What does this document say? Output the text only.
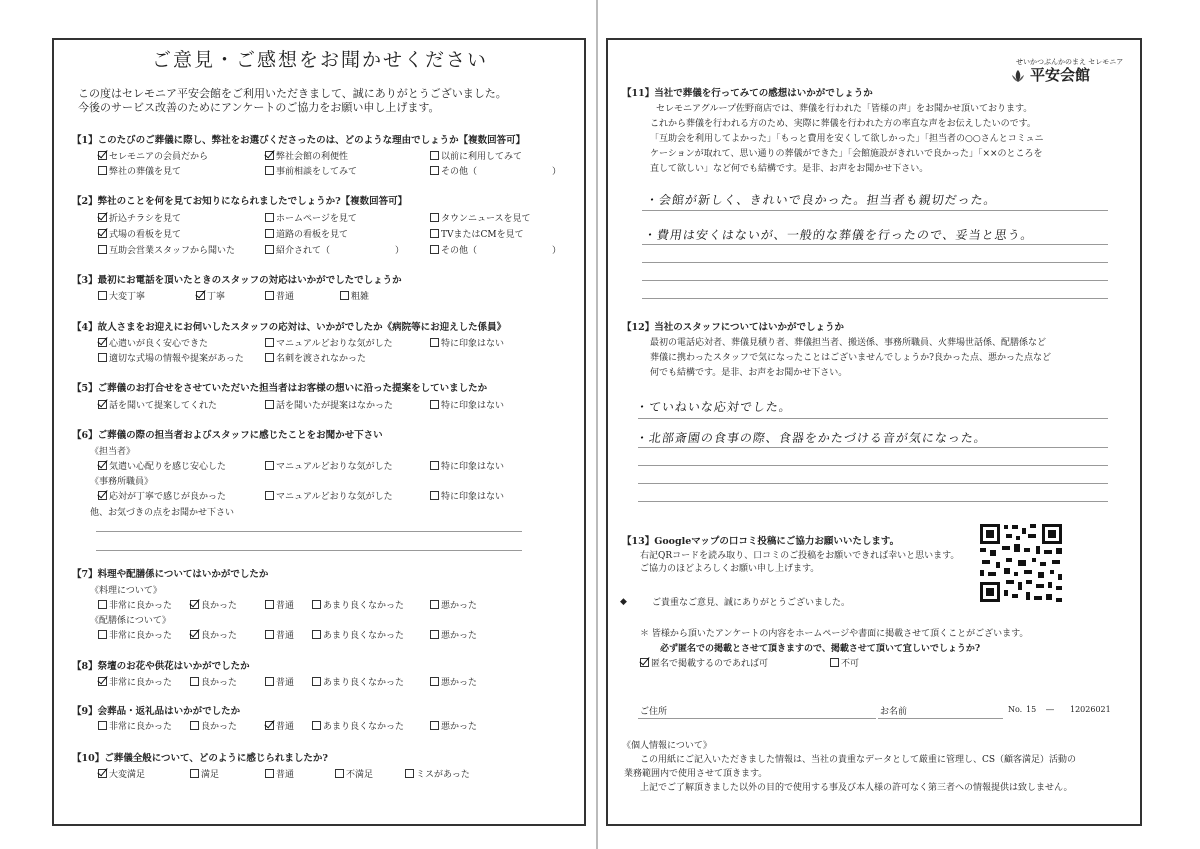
ご意見・ご感想をお聞かせください
この度はセレモニア平安会館をご利用いただきまして、誠にありがとうございました。
今後のサービス改善のためにアンケートのご協力をお願い申し上げます。
【1】このたびのご葬儀に際し、弊社をお選びくださったのは、どのような理由でしょうか【複数回答可】
セレモニアの会員だから	弊社会館の利便性	以前に利用してみて
弊社の葬儀を見て	事前相談をしてみて	その他（	）
【2】弊社のことを何を見てお知りになられましたでしょうか?【複数回答可】
折込チラシを見て	ホームページを見て	タウンニュースを見て
式場の看板を見て	道路の看板を見て	TVまたはCMを見て
互助会営業スタッフから聞いた	紹介されて（	）	その他（	）
【3】最初にお電話を頂いたときのスタッフの対応はいかがでしたでしょうか
大変丁寧	丁寧	普通	粗雑
【4】故人さまをお迎えにお伺いしたスタッフの応対は、いかがでしたか《病院等にお迎えした係員》
心遣いが良く安心できた	マニュアルどおりな気がした	特に印象はない
適切な式場の情報や提案があった	名刺を渡されなかった
【5】ご葬儀のお打合せをさせていただいた担当者はお客様の想いに沿った提案をしていましたか
話を聞いて提案してくれた	話を聞いたが提案はなかった	特に印象はない
【6】ご葬儀の際の担当者およびスタッフに感じたことをお聞かせ下さい
《担当者》
気遣い心配りを感じ安心した	マニュアルどおりな気がした	特に印象はない
《事務所職員》
応対が丁寧で感じが良かった	マニュアルどおりな気がした	特に印象はない
他、お気づきの点をお聞かせ下さい
【7】料理や配膳係についてはいかがでしたか
《料理について》
非常に良かった	良かった	普通	あまり良くなかった	悪かった
《配膳係について》
非常に良かった	良かった	普通	あまり良くなかった	悪かった
【8】祭壇のお花や供花はいかがでしたか
非常に良かった	良かった	普通	あまり良くなかった	悪かった
【9】会葬品・返礼品はいかがでしたか
非常に良かった	良かった	普通	あまり良くなかった	悪かった
【10】ご葬儀全般について、どのように感じられましたか?
大変満足	満足	普通	不満足	ミスがあった
せいかつぶんかのまえ セレモニア
平安会館
【11】当社で葬儀を行ってみての感想はいかがでしょうか
セレモニアグループ佐野商店では、葬儀を行われた「皆様の声」をお聞かせ頂いております。
これから葬儀を行われる方のため、実際に葬儀を行われた方の率直な声をお伝えしたいのです。
「互助会を利用してよかった」「もっと費用を安くして欲しかった」「担当者の○○さんとコミュニ
ケーションが取れて、思い通りの葬儀ができた」「会館施設がきれいで良かった」「××のところを
直して欲しい」など何でも結構です。是非、お声をお聞かせ下さい。
・会館が新しく、きれいで良かった。担当者も親切だった。
・費用は安くはないが、一般的な葬儀を行ったので、妥当と思う。
【12】当社のスタッフについてはいかがでしょうか
最初の電話応対者、葬儀見積り者、葬儀担当者、搬送係、事務所職員、火葬場世話係、配膳係など
葬儀に携わったスタッフで気になったことはございませんでしょうか?良かった点、悪かった点など
何でも結構です。是非、お声をお聞かせ下さい。
・ていねいな応対でした。
・北部斎園の食事の際、食器をかたづける音が気になった。
【13】Googleマップの口コミ投稿にご協力お願いいたします。
右記QRコードを読み取り、口コミのご投稿をお願いできれば幸いと思います。
ご協力のほどよろしくお願い申し上げます。
◆	ご貴重なご意見、誠にありがとうございました。
＊ 皆様から頂いたアンケートの内容をホームページや書面に掲載させて頂くことがございます。
必ず匿名での掲載とさせて頂きますので、掲載させて頂いて宜しいでしょうか?
匿名で掲載するのであれば可	不可
ご住所	お名前	No. 15 ― 12026021
《個人情報について》
この用紙にご記入いただきました情報は、当社の貴重なデータとして厳重に管理し、CS（顧客満足）活動の
業務範囲内で使用させて頂きます。
上記でご了解頂きました以外の目的で使用する事及び本人様の許可なく第三者への情報提供は致しません。
